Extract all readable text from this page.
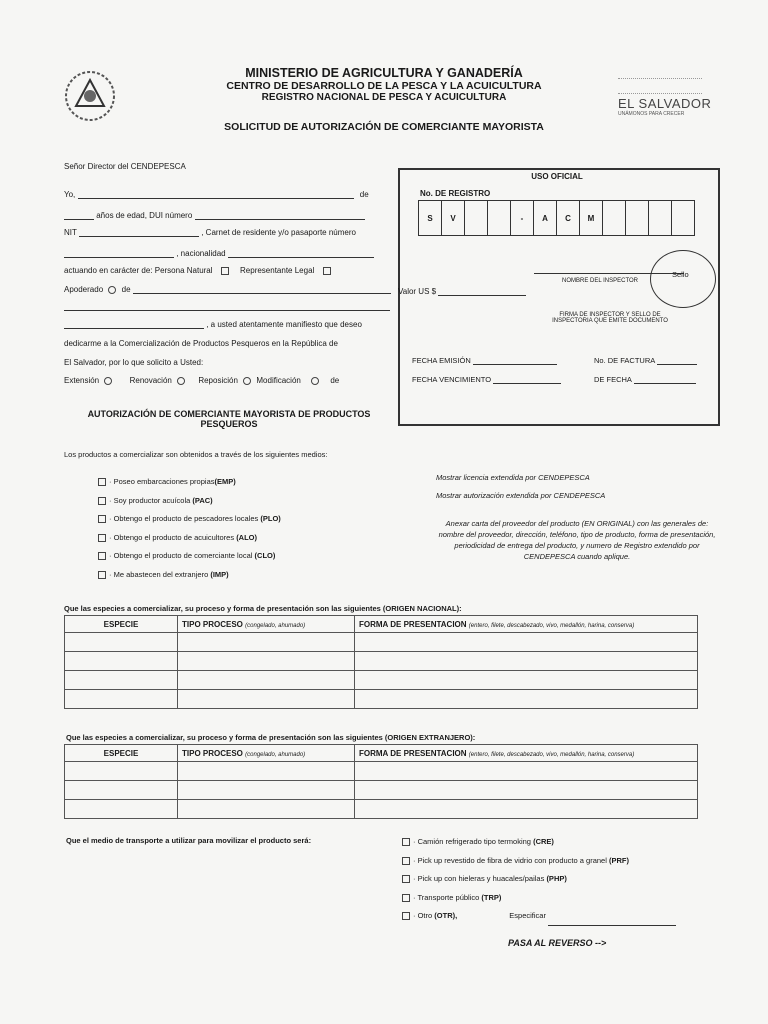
EL SALVADOR
UNÁMONOS PARA CRECER
MINISTERIO DE AGRICULTURA Y GANADERÍA
CENTRO DE DESARROLLO DE LA PESCA Y LA ACUICULTURA
REGISTRO NACIONAL DE PESCA Y ACUICULTURA
SOLICITUD DE AUTORIZACIÓN DE COMERCIANTE MAYORISTA
Señor Director del CENDEPESCA
Yo,	de
años de edad, DUI número
NIT	, Carnet de residente y/o pasaporte número
, nacionalidad
actuando en carácter de: Persona Natural	Representante Legal
Apoderado de
, a usted atentamente manifiesto que deseo
dedicarme a la Comercialización de Productos Pesqueros en la República de
El Salvador, por lo que solicito a Usted:
Extensión	Renovación	Reposición Modificación	de
USO OFICIAL
No. DE REGISTRO
S	V	-	A	C	M
Valor US $
NOMBRE DEL INSPECTOR
Sello
FIRMA DE INSPECTOR Y SELLO DE
INSPECTORIA QUE EMITE DOCUMENTO
FECHA EMISIÓN	No. DE FACTURA
FECHA VENCIMIENTO	DE FECHA
AUTORIZACIÓN DE COMERCIANTE MAYORISTA DE PRODUCTOS
PESQUEROS
Los productos a comercializar son obtenidos a través de los siguientes medios:
· Poseo embarcaciones propias(EMP)
· Soy productor acuícola (PAC)
· Obtengo el producto de pescadores locales (PLO)
· Obtengo el producto de acuicultores (ALO)
· Obtengo el producto de comerciante local (CLO)
· Me abastecen del extranjero (IMP)
Mostrar licencia extendida por CENDEPESCA
Mostrar autorización extendida por CENDEPESCA
Anexar carta del proveedor del producto (EN ORIGINAL) con las generales de: nombre del proveedor, dirección, teléfono, tipo de producto, forma de presentación, periodicidad de entrega del producto, y numero de Registro extendido por CENDEPESCA cuando aplique.
Que las especies a comercializar, su proceso y forma de presentación son las siguientes (ORIGEN NACIONAL):
ESPECIE	TIPO PROCESO (congelado, ahumado)	FORMA DE PRESENTACION (entero, filete, descabezado, vivo, medallón, harina, conserva)

Que las especies a comercializar, su proceso y forma de presentación son las siguientes (ORIGEN EXTRANJERO):
ESPECIE	TIPO PROCESO (congelado, ahumado)	FORMA DE PRESENTACION (entero, filete, descabezado, vivo, medallón, harina, conserva)

Que el medio de transporte a utilizar para movilizar el producto será:	· Camión refrigerado tipo termoking (CRE)
· Pick up revestido de fibra de vidrio con producto a granel (PRF)
· Pick up con hieleras y huacales/pailas (PHP)
· Transporte público (TRP)
· Otro (OTR),	Especificar
PASA AL REVERSO -->
